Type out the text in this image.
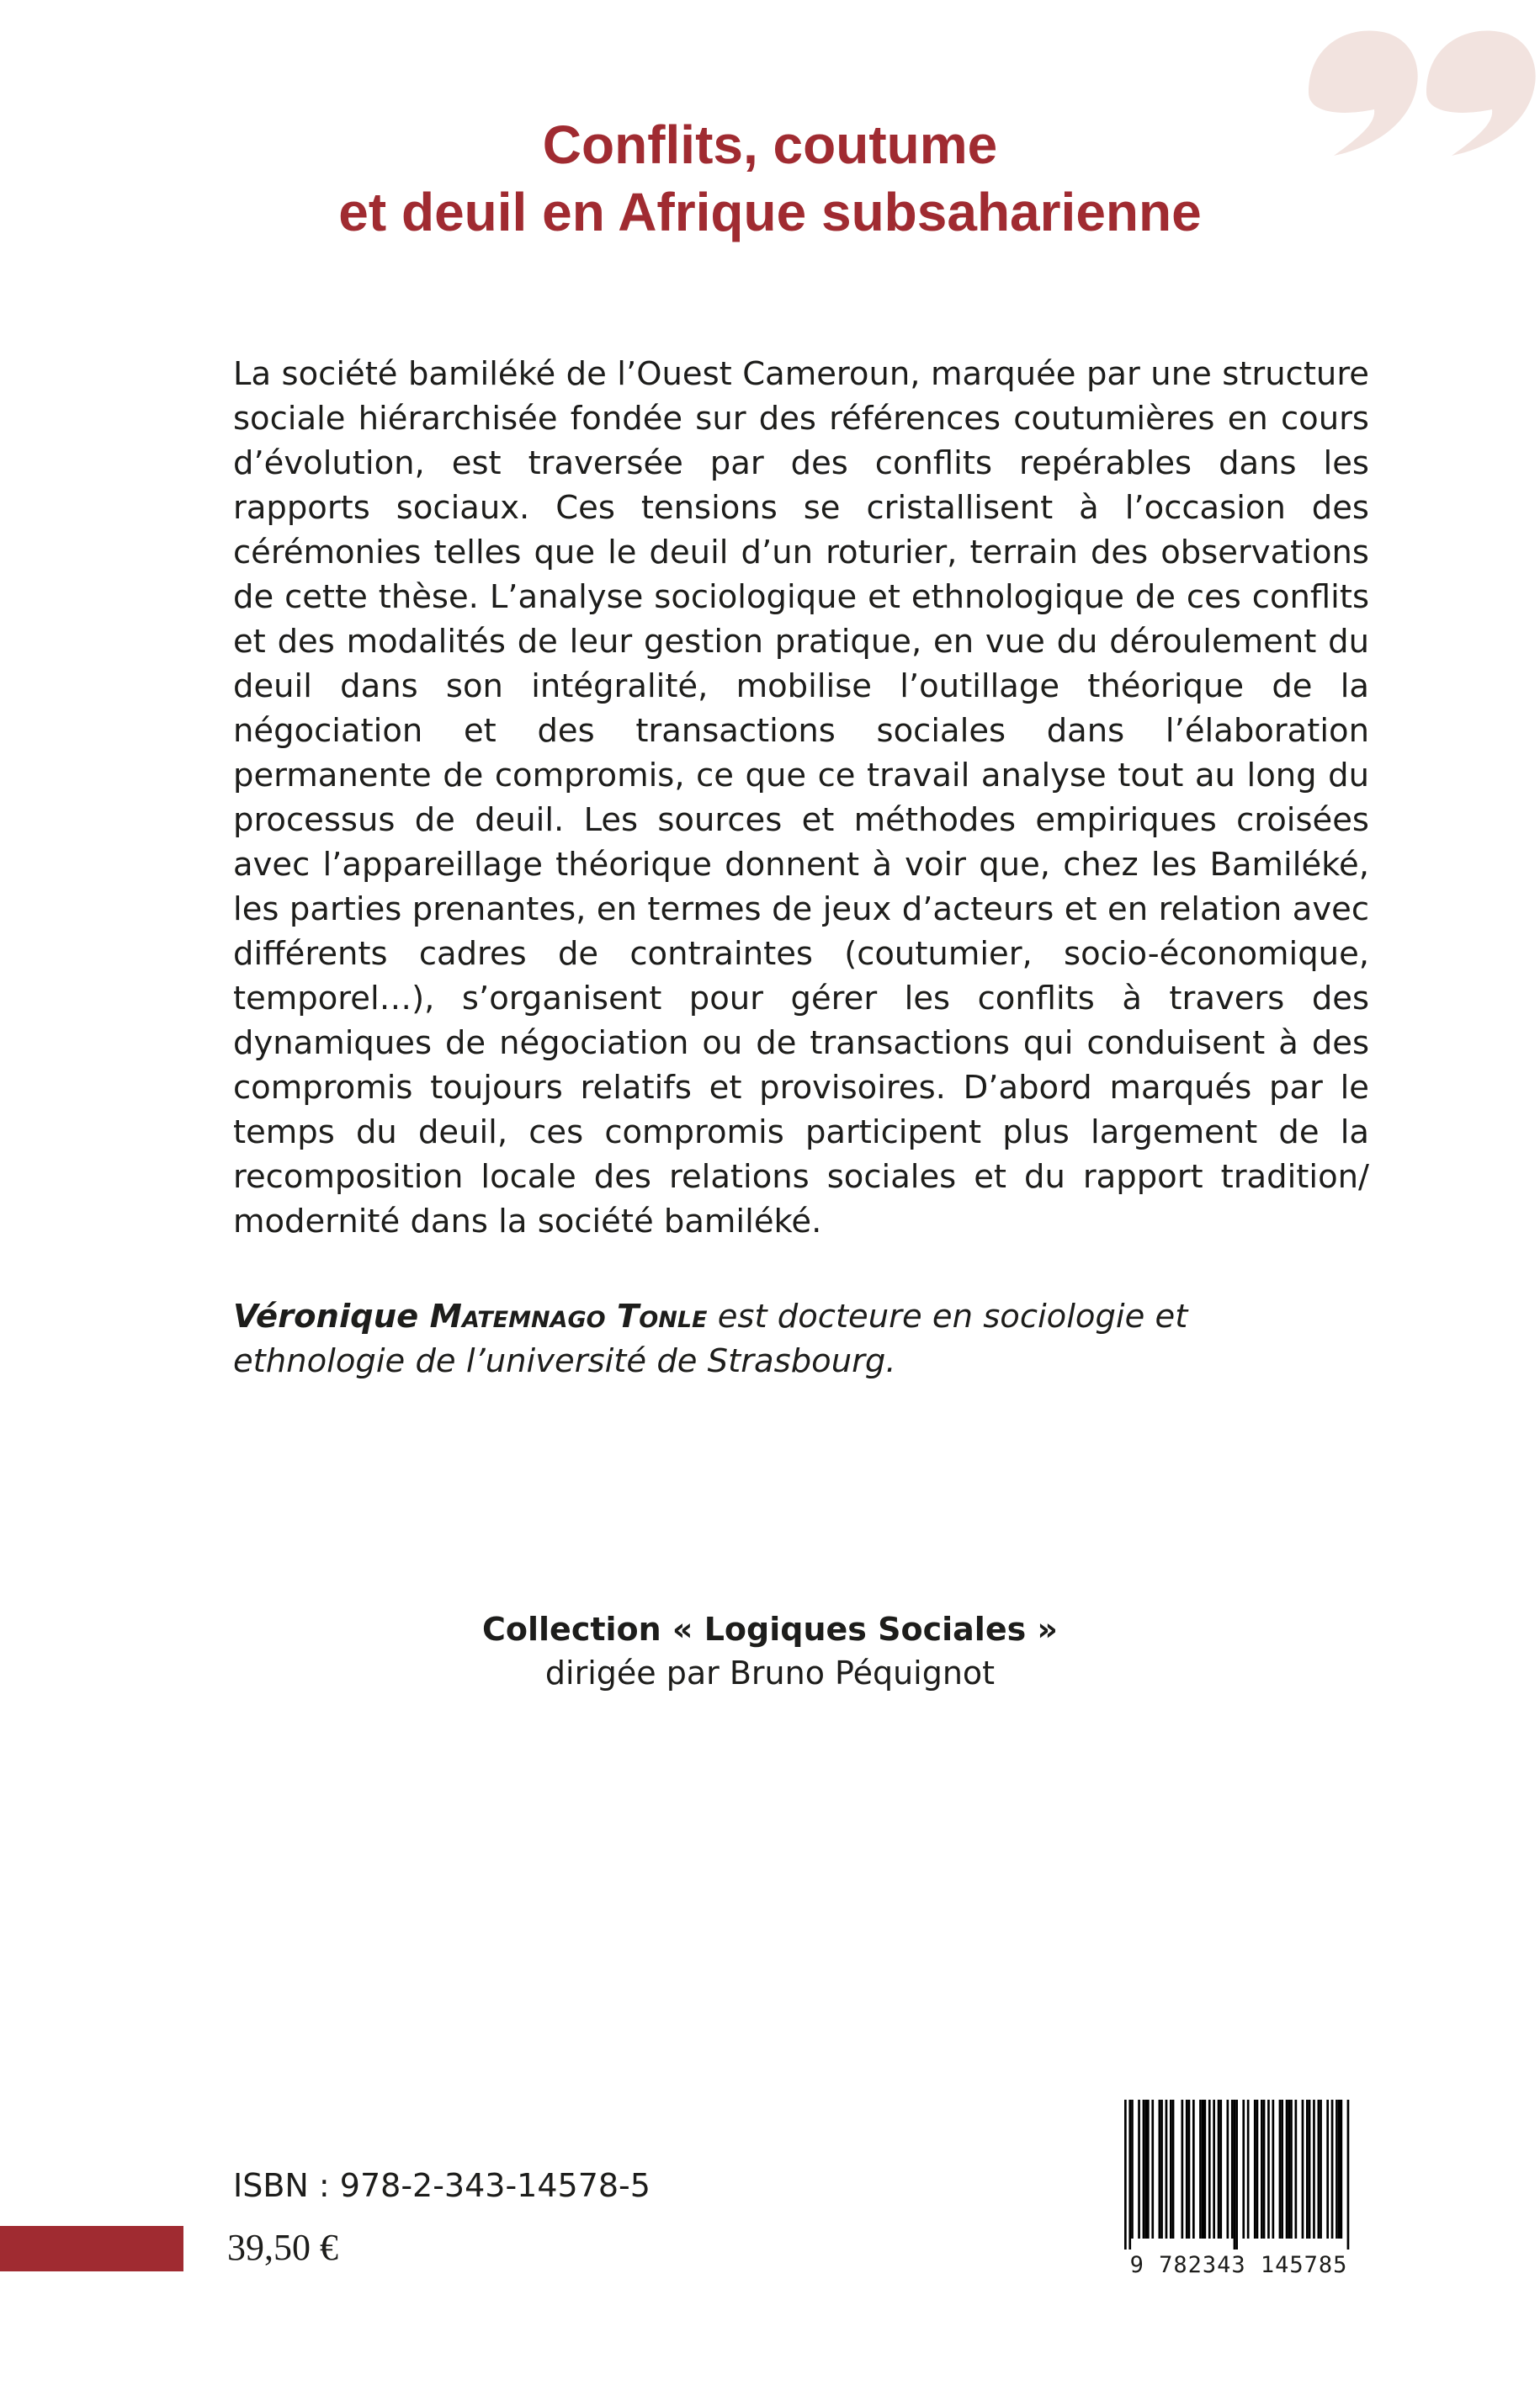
Conflits, coutume
et deuil en Afrique subsaharienne

La société bamiléké de l’Ouest Cameroun, marquée par une structure sociale hiérarchisée fondée sur des références coutumières en cours d’évolution, est traversée par des conflits repérables dans les rapports sociaux. Ces tensions se cristallisent à l’occasion des cérémonies telles que le deuil d’un roturier, terrain des observations de cette thèse. L’analyse sociologique et ethnologique de ces conflits et des modalités de leur gestion pratique, en vue du déroulement du deuil dans son intégralité, mobilise l’outillage théorique de la négociation et des transactions sociales dans l’élaboration permanente de compromis, ce que ce travail analyse tout au long du processus de deuil. Les sources et méthodes empiriques croisées avec l’appareillage théorique donnent à voir que, chez les Bamiléké, les parties prenantes, en termes de jeux d’acteurs et en relation avec différents cadres de contraintes (coutumier, socio-économique, temporel…), s’organisent pour gérer les conflits à travers des dynamiques de négociation ou de transactions qui conduisent à des compromis toujours relatifs et provisoires. D’abord marqués par le temps du deuil, ces compromis participent plus largement de la recomposition locale des relations sociales et du rapport tradition/ modernité dans la société bamiléké.

Véronique Matemnago Tonle est docteure en sociologie et ethnologie de l’université de Strasbourg.

Collection « Logiques Sociales »
dirigée par Bruno Péquignot
ISBN : 978-2-343-14578-5
39,50 €	9 782343 145785
